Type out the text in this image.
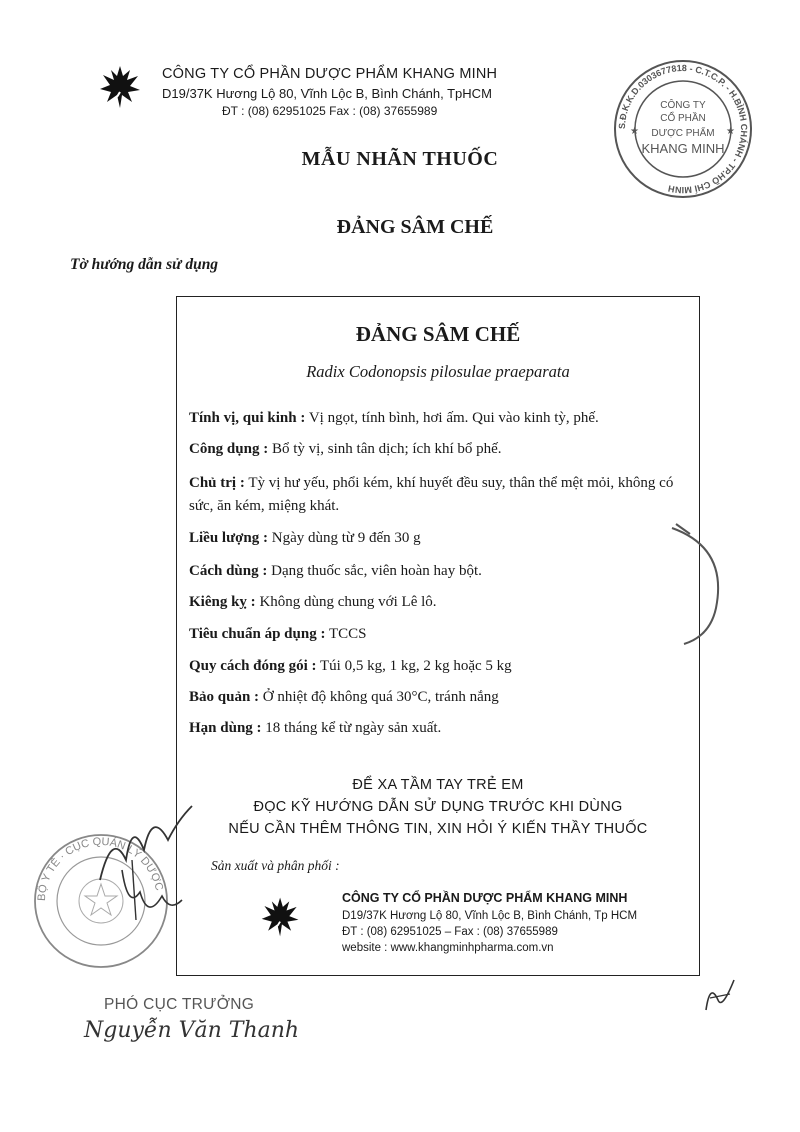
CÔNG TY CỔ PHẦN DƯỢC PHẨM KHANG MINH
D19/37K Hương Lộ 80, Vĩnh Lộc B, Bình Chánh, TpHCM
ĐT : (08) 62951025 Fax : (08) 37655989
S.Đ.K.K.D.0303677818 - C.T.C.P. - H.BÌNH CHÁNH - TP.HỒ CHÍ MINH
CÔNG TY
CỔ PHẦN
DƯỢC PHẨM
KHANG MINH
★	★
MẪU NHÃN THUỐC
ĐẢNG SÂM CHẾ
Tờ hướng dẫn sử dụng
ĐẢNG SÂM CHẾ
Radix Codonopsis pilosulae praeparata
Tính vị, qui kinh : Vị ngọt, tính bình, hơi ấm. Qui vào kinh tỳ, phế.
Công dụng : Bổ tỳ vị, sinh tân dịch; ích khí bổ phế.
Chủ trị : Tỳ vị hư yếu, phổi kém, khí huyết đều suy, thân thể mệt mỏi, không có sức, ăn kém, miệng khát.
Liều lượng : Ngày dùng từ 9 đến 30 g
Cách dùng : Dạng thuốc sắc, viên hoàn hay bột.
Kiêng kỵ : Không dùng chung với Lê lô.
Tiêu chuẩn áp dụng : TCCS
Quy cách đóng gói : Túi 0,5 kg, 1 kg, 2 kg hoặc 5 kg
Bảo quản : Ở nhiệt độ không quá 30°C, tránh nắng
Hạn dùng : 18 tháng kể từ ngày sản xuất.
ĐỂ XA TẦM TAY TRẺ EM
ĐỌC KỸ HƯỚNG DẪN SỬ DỤNG TRƯỚC KHI DÙNG
NẾU CẦN THÊM THÔNG TIN, XIN HỎI Ý KIẾN THẦY THUỐC
Sản xuất và phân phối :
CÔNG TY CỔ PHẦN DƯỢC PHẨM KHANG MINH
D19/37K Hương Lộ 80, Vĩnh Lộc B, Bình Chánh, Tp HCM
ĐT : (08) 62951025 – Fax : (08) 37655989
website : www.khangminhpharma.com.vn
BỘ Y TẾ · CỤC QUẢN LÝ DƯỢC
PHÓ CỤC TRƯỞNG
Nguyễn Văn Thanh
